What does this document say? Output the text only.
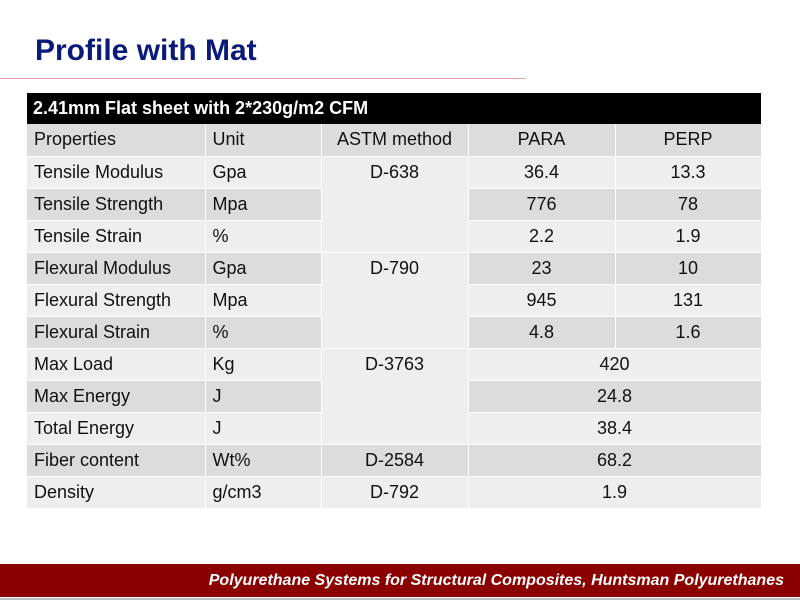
Profile with Mat
2.41mm Flat sheet with 2*230g/m2 CFM
Properties	Unit	ASTM method	PARA	PERP
Tensile Modulus	Gpa	D-638	36.4	13.3
Tensile Strength	Mpa		776	78
Tensile Strain	%		2.2	1.9
Flexural Modulus	Gpa	D-790	23	10
Flexural Strength	Mpa		945	131
Flexural Strain	%		4.8	1.6
Max Load	Kg	D-3763	420	
Max Energy	J		24.8	
Total Energy	J		38.4	
Fiber content	Wt%	D-2584	68.2	
Density	g/cm3	D-792	1.9	
Polyurethane Systems for Structural Composites, Huntsman Polyurethanes
